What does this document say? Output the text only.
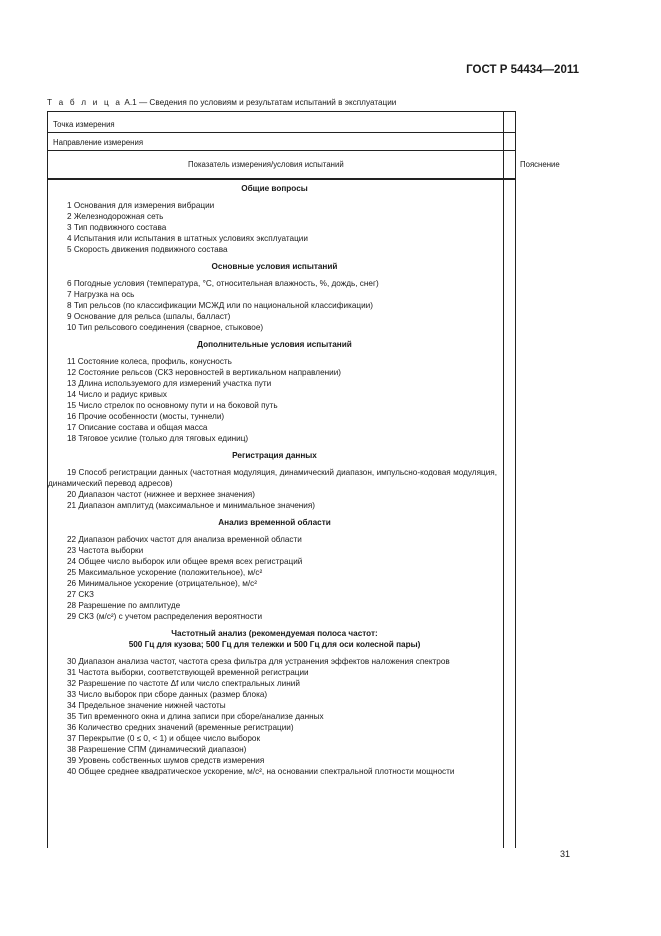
ГОСТ Р 54434—2011
Т а б л и ц а А.1 — Сведения по условиям и результатам испытаний в эксплуатации
Точка измерения
Направление измерения
Показатель измерения/условия испытаний	Пояснение
Общие вопросы
1 Основания для измерения вибрации
2 Железнодорожная сеть
3 Тип подвижного состава
4 Испытания или испытания в штатных условиях эксплуатации
5 Скорость движения подвижного состава
Основные условия испытаний
6 Погодные условия (температура, °С, относительная влажность, %, дождь, снег)
7 Нагрузка на ось
8 Тип рельсов (по классификации МСЖД или по национальной классификации)
9 Основание для рельса (шпалы, балласт)
10 Тип рельсового соединения (сварное, стыковое)
Дополнительные условия испытаний
11 Состояние колеса, профиль, конусность
12 Состояние рельсов (СКЗ неровностей в вертикальном направлении)
13 Длина используемого для измерений участка пути
14 Число и радиус кривых
15 Число стрелок по основному пути и на боковой путь
16 Прочие особенности (мосты, туннели)
17 Описание состава и общая масса
18 Тяговое усилие (только для тяговых единиц)
Регистрация данных
19 Способ регистрации данных (частотная модуляция, динамический диапазон, импульсно-кодовая модуляция, динамический перевод адресов)
20 Диапазон частот (нижнее и верхнее значения)
21 Диапазон амплитуд (максимальное и минимальное значения)
Анализ временной области
22 Диапазон рабочих частот для анализа временной области
23 Частота выборки
24 Общее число выборок или общее время всех регистраций
25 Максимальное ускорение (положительное), м/с²
26 Минимальное ускорение (отрицательное), м/с²
27 СКЗ
28 Разрешение по амплитуде
29 СКЗ (м/с²) с учетом распределения вероятности
Частотный анализ (рекомендуемая полоса частот:
500 Гц для кузова; 500 Гц для тележки и 500 Гц для оси колесной пары)
30 Диапазон анализа частот, частота среза фильтра для устранения эффектов наложения спектров
31 Частота выборки, соответствующей временной регистрации
32 Разрешение по частоте Δf или число спектральных линий
33 Число выборок при сборе данных (размер блока)
34 Предельное значение нижней частоты
35 Тип временного окна и длина записи при сборе/анализе данных
36 Количество средних значений (временные регистрации)
37 Перекрытие (0 ≤ 0, < 1) и общее число выборок
38 Разрешение СПМ (динамический диапазон)
39 Уровень собственных шумов средств измерения
40 Общее среднее квадратическое ускорение, м/с², на основании спектральной плотности мощности
31
